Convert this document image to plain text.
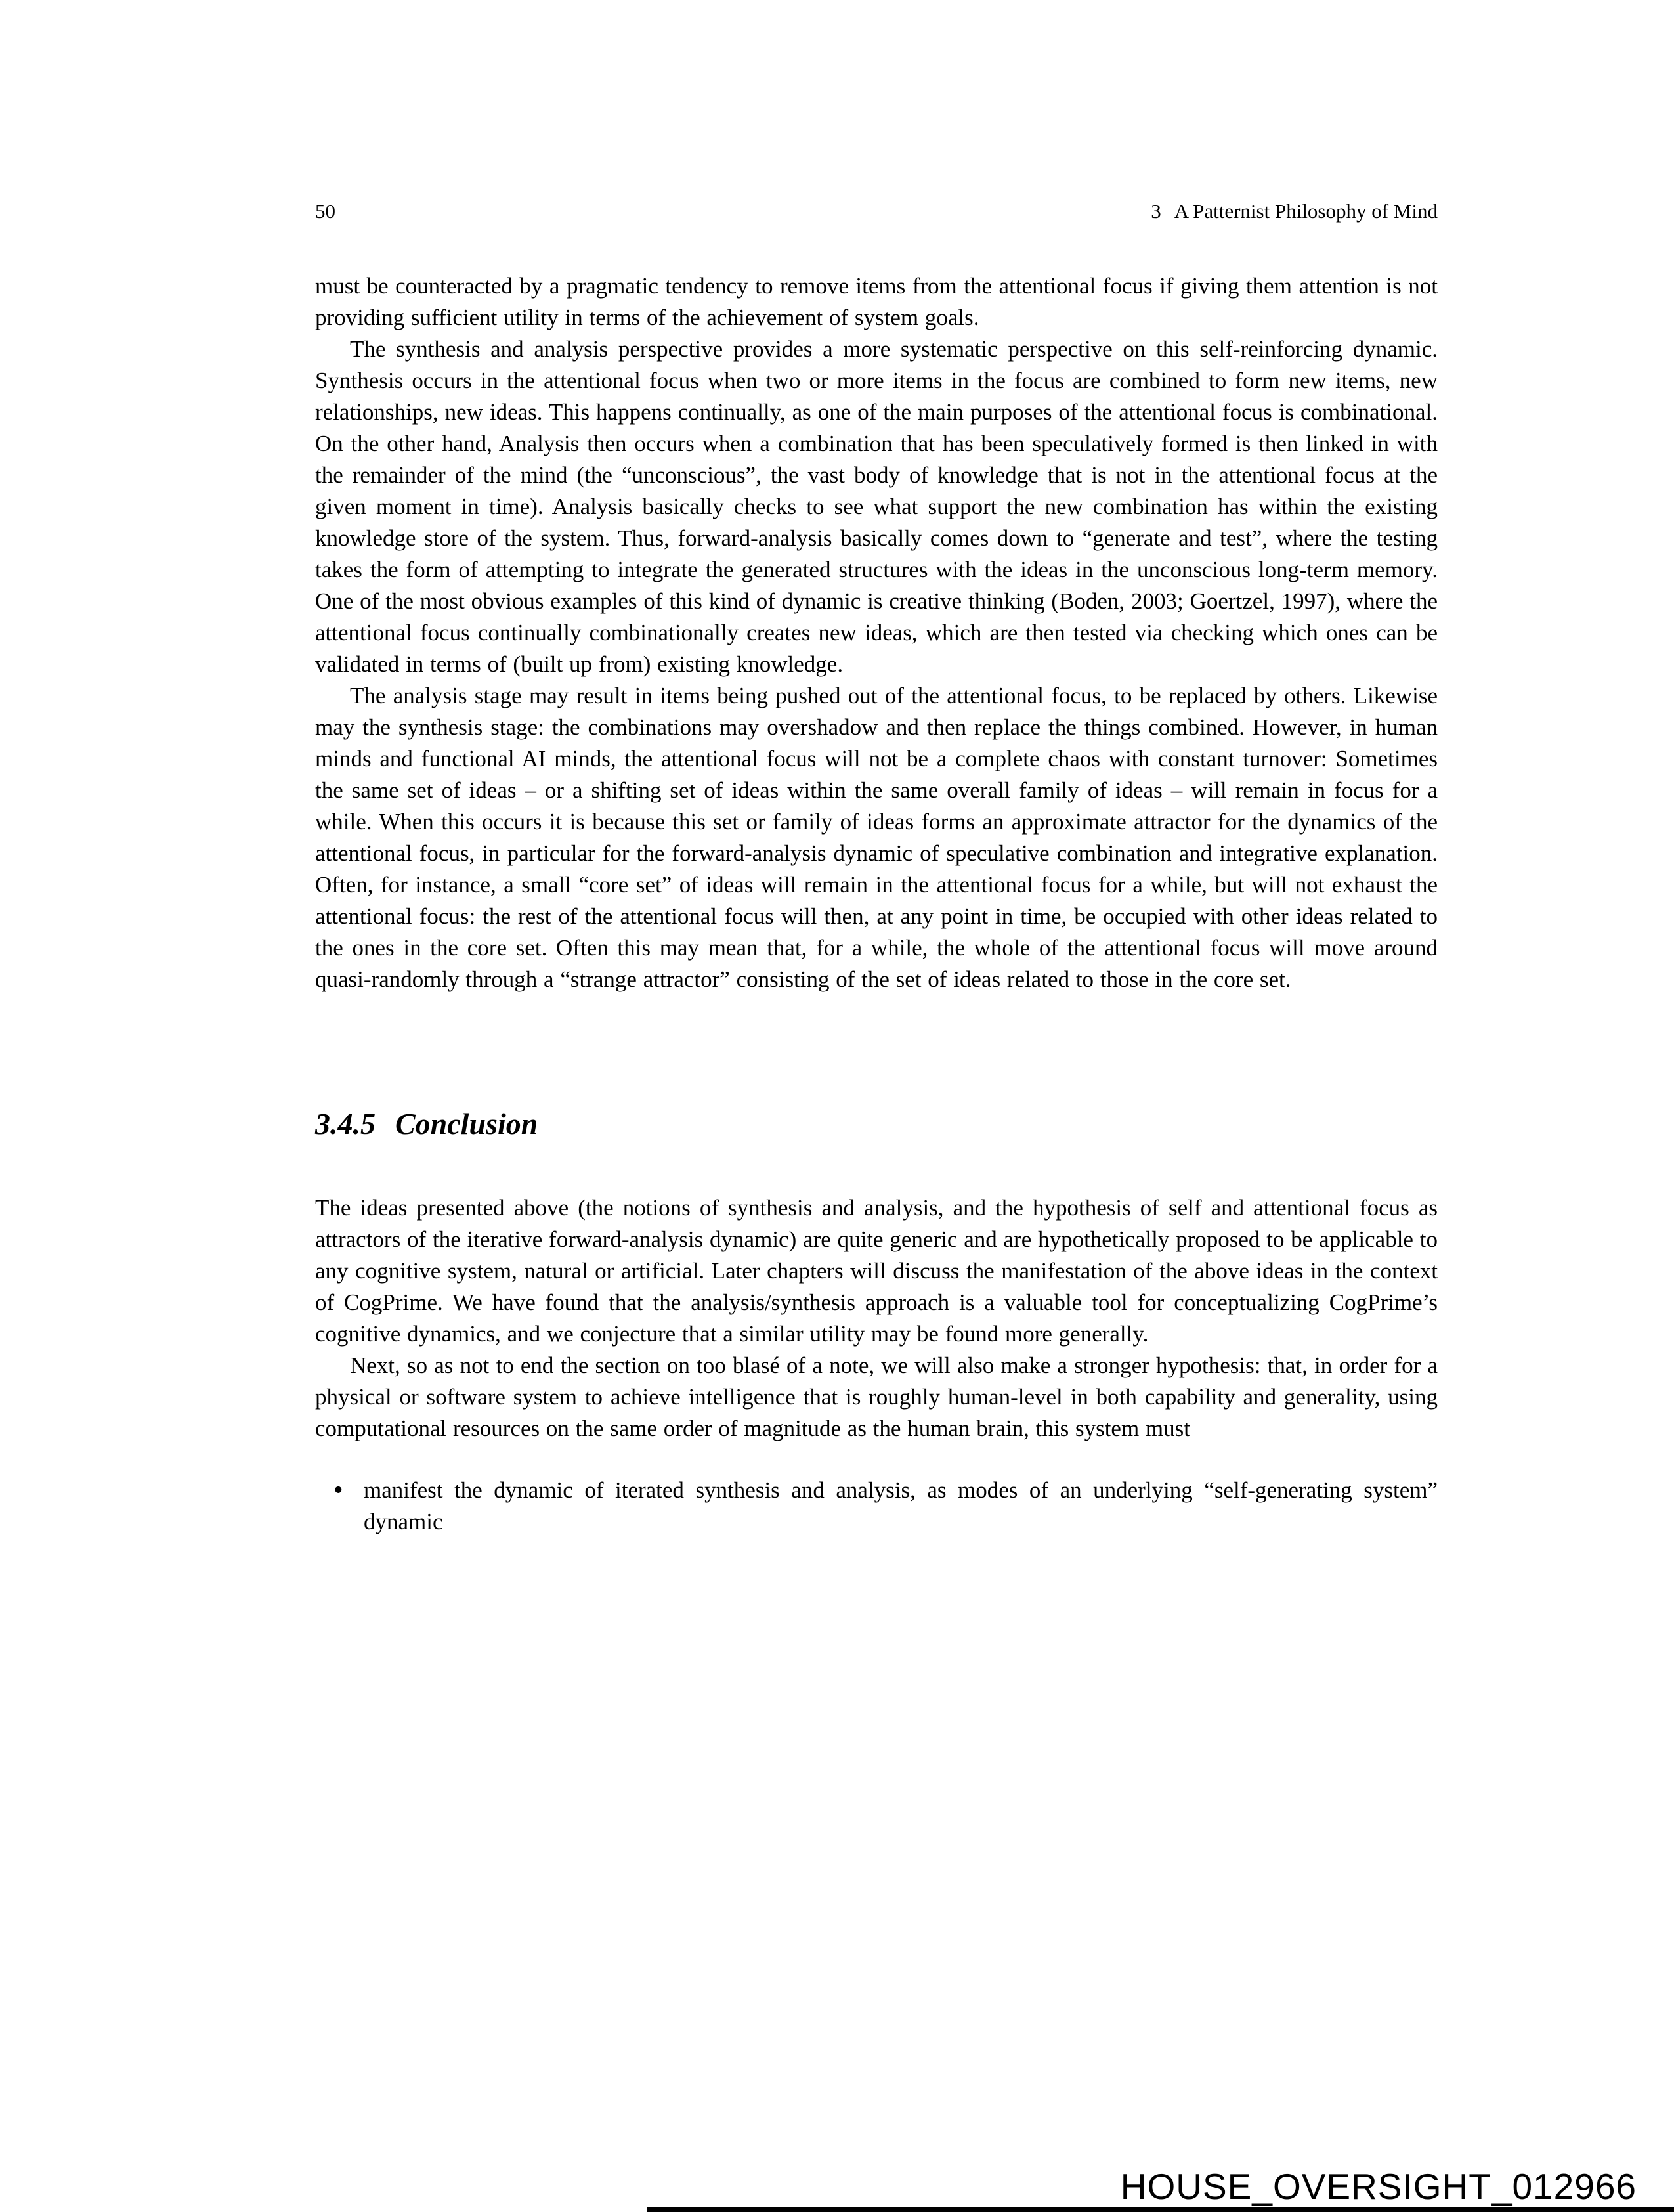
50	3 A Patternist Philosophy of Mind

must be counteracted by a pragmatic tendency to remove items from the attentional focus if giving them attention is not providing sufficient utility in terms of the achievement of system goals.

The synthesis and analysis perspective provides a more systematic perspective on this self-reinforcing dynamic. Synthesis occurs in the attentional focus when two or more items in the focus are combined to form new items, new relationships, new ideas. This happens continually, as one of the main purposes of the attentional focus is combinational. On the other hand, Analysis then occurs when a combination that has been speculatively formed is then linked in with the remainder of the mind (the “unconscious”, the vast body of knowledge that is not in the attentional focus at the given moment in time). Analysis basically checks to see what support the new combination has within the existing knowledge store of the system. Thus, forward-analysis basically comes down to “generate and test”, where the testing takes the form of attempting to integrate the generated structures with the ideas in the unconscious long-term memory. One of the most obvious examples of this kind of dynamic is creative thinking (Boden, 2003; Goertzel, 1997), where the attentional focus continually combinationally creates new ideas, which are then tested via checking which ones can be validated in terms of (built up from) existing knowledge.

The analysis stage may result in items being pushed out of the attentional focus, to be replaced by others. Likewise may the synthesis stage: the combinations may overshadow and then replace the things combined. However, in human minds and functional AI minds, the attentional focus will not be a complete chaos with constant turnover: Sometimes the same set of ideas – or a shifting set of ideas within the same overall family of ideas – will remain in focus for a while. When this occurs it is because this set or family of ideas forms an approximate attractor for the dynamics of the attentional focus, in particular for the forward-analysis dynamic of speculative combination and integrative explanation. Often, for instance, a small “core set” of ideas will remain in the attentional focus for a while, but will not exhaust the attentional focus: the rest of the attentional focus will then, at any point in time, be occupied with other ideas related to the ones in the core set. Often this may mean that, for a while, the whole of the attentional focus will move around quasi-randomly through a “strange attractor” consisting of the set of ideas related to those in the core set.

3.4.5 Conclusion

The ideas presented above (the notions of synthesis and analysis, and the hypothesis of self and attentional focus as attractors of the iterative forward-analysis dynamic) are quite generic and are hypothetically proposed to be applicable to any cognitive system, natural or artificial. Later chapters will discuss the manifestation of the above ideas in the context of CogPrime. We have found that the analysis/synthesis approach is a valuable tool for conceptualizing CogPrime’s cognitive dynamics, and we conjecture that a similar utility may be found more generally.

Next, so as not to end the section on too blasé of a note, we will also make a stronger hypothesis: that, in order for a physical or software system to achieve intelligence that is roughly human-level in both capability and generality, using computational resources on the same order of magnitude as the human brain, this system must

• manifest the dynamic of iterated synthesis and analysis, as modes of an underlying “self-generating system” dynamic
HOUSE_OVERSIGHT_012966
